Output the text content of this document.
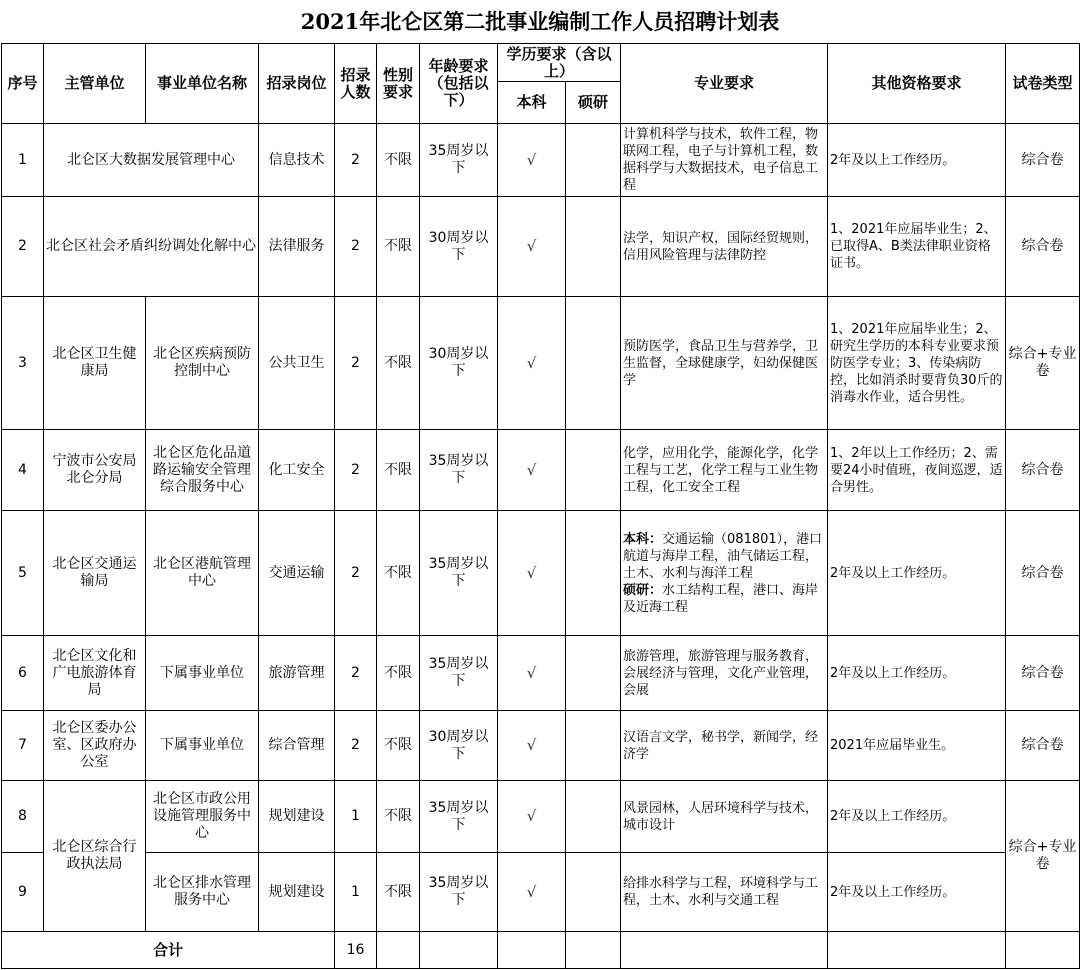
2021年北仑区第二批事业编制工作人员招聘计划表
序号	主管单位	事业单位名称	招录岗位	招录人数	性别要求	年龄要求（包括以下）	学历要求（含以上）		专业要求	其他资格要求	试卷类型
							本科	硕研			
1	北仑区大数据发展管理中心		信息技术	2	不限	35周岁以下	√		计算机科学与技术，软件工程，物联网工程，电子与计算机工程，数据科学与大数据技术，电子信息工程	2年及以上工作经历。	综合卷
2	北仑区社会矛盾纠纷调处化解中心		法律服务	2	不限	30周岁以下	√		法学，知识产权，国际经贸规则，信用风险管理与法律防控	1、2021年应届毕业生；2、已取得A、B类法律职业资格证书。	综合卷
3	北仑区卫生健康局	北仑区疾病预防控制中心	公共卫生	2	不限	30周岁以下	√		预防医学，食品卫生与营养学，卫生监督，全球健康学，妇幼保健医学	1、2021年应届毕业生；2、研究生学历的本科专业要求预防医学专业；3、传染病防控，比如消杀时要背负30斤的消毒水作业，适合男性。	综合+专业卷
4	宁波市公安局北仑分局	北仑区危化品道路运输安全管理综合服务中心	化工安全	2	不限	35周岁以下	√		化学，应用化学，能源化学，化学工程与工艺，化学工程与工业生物工程，化工安全工程	1、2年以上工作经历；2、需要24小时值班，夜间巡逻，适合男性。	综合卷
5	北仑区交通运输局	北仑区港航管理中心	交通运输	2	不限	35周岁以下	√		本科：交通运输（081801），港口航道与海岸工程，油气储运工程，土木、水利与海洋工程
硕研：水工结构工程，港口、海岸及近海工程	2年及以上工作经历。	综合卷
6	北仑区文化和广电旅游体育局	下属事业单位	旅游管理	2	不限	35周岁以下	√		旅游管理，旅游管理与服务教育，会展经济与管理，文化产业管理，会展	2年及以上工作经历。	综合卷
7	北仑区委办公室、区政府办公室	下属事业单位	综合管理	2	不限	30周岁以下	√		汉语言文学，秘书学，新闻学，经济学	2021年应届毕业生。	综合卷
8	北仑区综合行政执法局	北仑区市政公用设施管理服务中心	规划建设	1	不限	35周岁以下	√		风景园林，人居环境科学与技术，城市设计	2年及以上工作经历。	综合+专业卷
9		北仑区排水管理服务中心	规划建设	1	不限	35周岁以下	√		给排水科学与工程，环境科学与工程，土木、水利与交通工程	2年及以上工作经历。	
合计				16							
